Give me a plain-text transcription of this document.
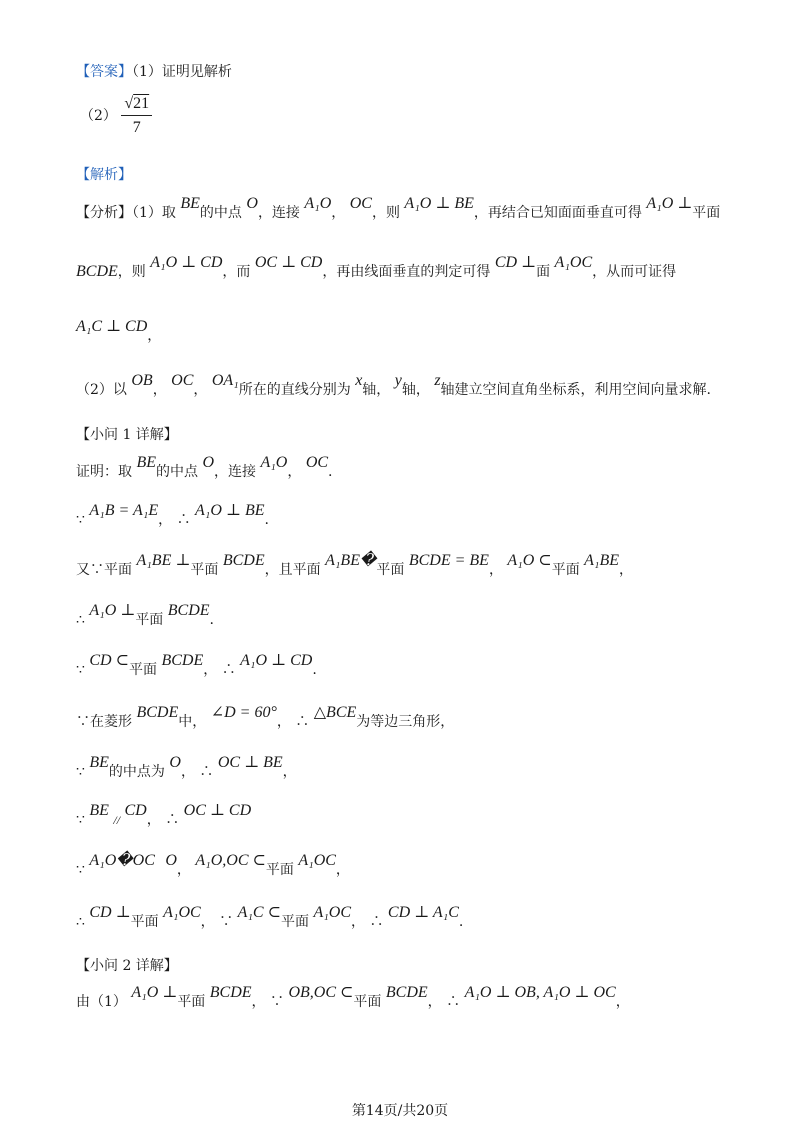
【答案】（1）证明见解析
$(2) \frac{√21}{7}$
【解析】
【分析】（1）取 BE的中点 O，连接 A₁O， OC，则 A₁O ⊥ BE，再结合已知面面垂直可得 A₁O ⊥平面
BCDE，则 A₁O ⊥ CD，而 OC ⊥ CD，再由线面垂直的判定可得 CD ⊥面 A₁OC，从而可证得
A₁C ⊥ CD，
（2）以 OB， OC， OA₁所在的直线分别为 x轴， y轴， z轴建立空间直角坐标系，利用空间向量求解.
【小问 1 详解】
证明：取 BE的中点 O，连接 A₁O， OC.
∵ A₁B = A₁E， ∴ A₁O ⊥ BE.
又∵平面 A₁BE ⊥平面 BCDE，且平面 A₁BE�平面 BCDE = BE， A₁O ⊂平面 A₁BE，
∴ A₁O ⊥平面 BCDE.
∵ CD ⊂平面 BCDE， ∴ A₁O ⊥ CD.
∵在菱形 BCDE中， ∠D = 60°， ∴ △BCE为等边三角形，
∵ BE的中点为 O， ∴ OC ⊥ BE，
∵ BE // CD， ∴ OC ⊥ CD
∵ A₁O�OC O， A₁O,OC ⊂平面 A₁OC，
∴ CD ⊥平面 A₁OC， ∵ A₁C ⊂平面 A₁OC， ∴ CD ⊥ A₁C.
【小问 2 详解】
由（1） A₁O ⊥平面 BCDE， ∵ OB,OC ⊂平面 BCDE， ∴ A₁O ⊥ OB, A₁O ⊥ OC，
第14页/共20页
